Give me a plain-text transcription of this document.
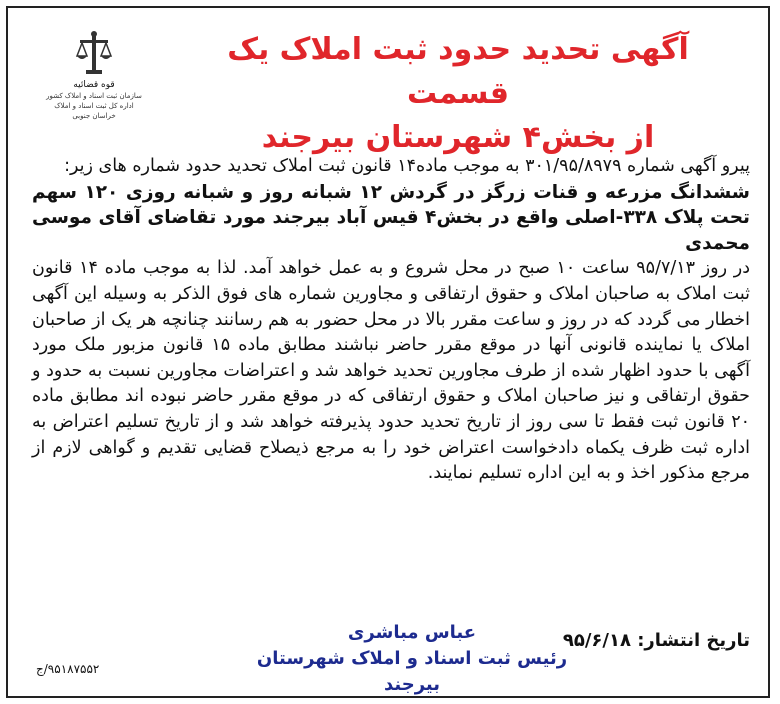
قوه قضائیه
سازمان ثبت اسناد و املاک کشور
اداره کل ثبت اسناد و املاک خراسان جنوبی
آگهی تحدید حدود ثبت املاک یک قسمت
از بخش۴ شهرستان بیرجند

پیرو آگهی شماره ۳۰۱/۹۵/۸۹۷۹ به موجب ماده۱۴ قانون ثبت املاک تحدید حدود شماره های زیر:

ششدانگ مزرعه و قنات زرگز در گردش ۱۲ شبانه روز و شبانه روزی ۱۲۰ سهم تحت پلاک ۳۳۸-اصلی واقع در بخش۴ قیس آباد بیرجند مورد تقاضای آقای موسی محمدی

در روز ۹۵/۷/۱۳ ساعت ۱۰ صبح در محل شروع و به عمل خواهد آمد. لذا به موجب ماده ۱۴ قانون ثبت املاک به صاحبان املاک و حقوق ارتفاقی و مجاورین شماره های فوق الذکر به وسیله این آگهی اخطار می گردد که در روز و ساعت مقرر بالا در محل حضور به هم رسانند چنانچه هر یک از صاحبان املاک یا نماینده قانونی آنها در موقع مقرر حاضر نباشند مطابق ماده ۱۵ قانون مزبور ملک مورد آگهی با حدود اظهار شده از طرف مجاورین تحدید خواهد شد و اعتراضات مجاورین نسبت به حدود و حقوق ارتفاقی و نیز صاحبان املاک و حقوق ارتفاقی که در موقع مقرر حاضر نبوده اند مطابق ماده ۲۰ قانون ثبت فقط تا سی روز از تاریخ تحدید حدود پذیرفته خواهد شد و از تاریخ تسلیم اعتراض به اداره ثبت ظرف یکماه دادخواست اعتراض خود را به مرجع ذیصلاح قضایی تقدیم و گواهی لازم از مرجع مذکور اخذ و به این اداره تسلیم نمایند.

تاریخ انتشار: ۹۵/۶/۱۸
عباس مباشری
رئیس ثبت اسناد و املاک شهرستان بیرجند
۹۵۱۸۷۵۵۲/ج
